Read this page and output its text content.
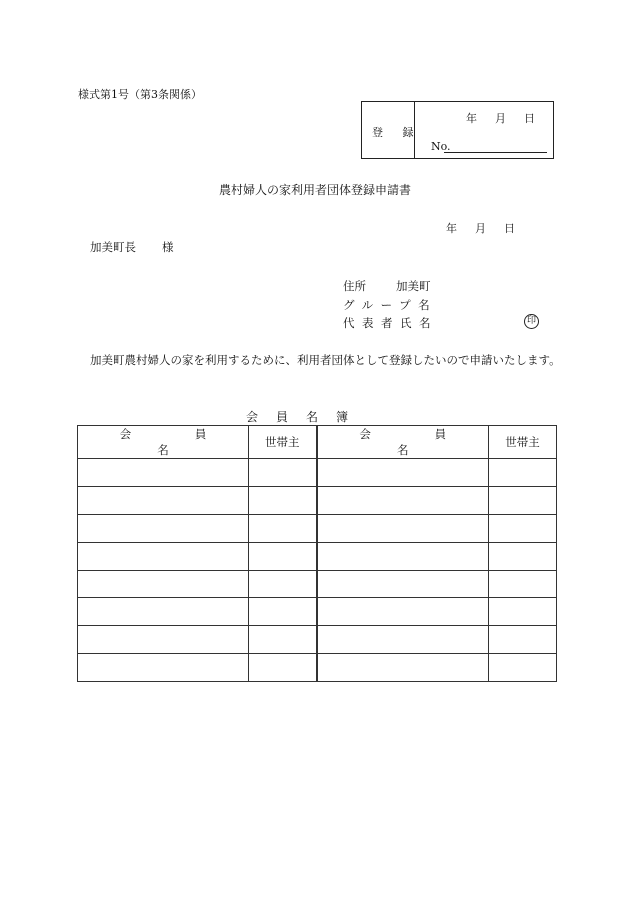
様式第1号（第3条関係）
登 録
年 月 日
No.
農村婦人の家利用者団体登録申請書
年 月 日
加美町長 様
住所	加美町
グループ名
代表者氏名	印
加美町農村婦人の家を利用するために、利用者団体として登録したいので申請いたします。
会員名簿
会 員 名	世帯主	会 員 名	世帯主
